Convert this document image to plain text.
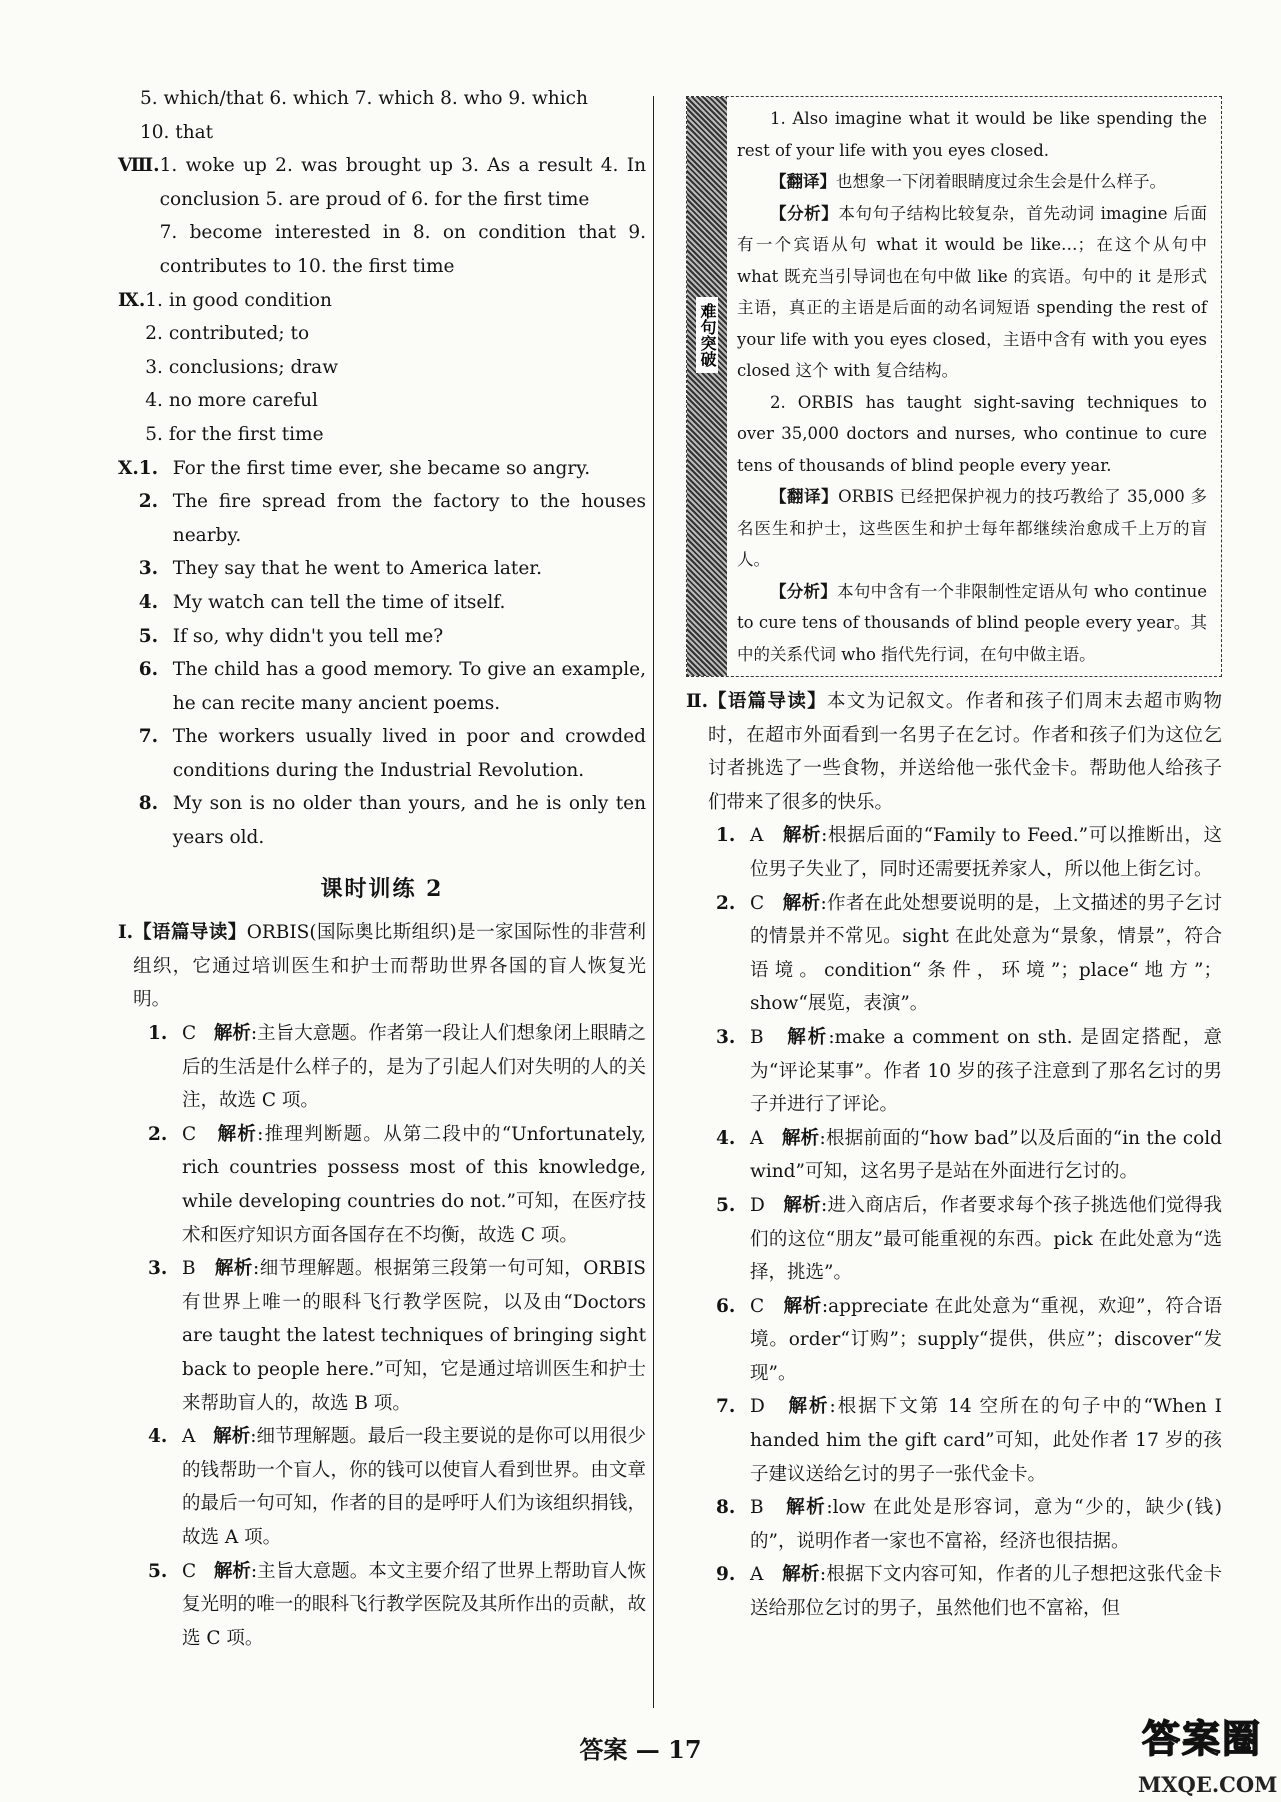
5. which/that 6. which 7. which 8. who 9. which
10. that
Ⅷ. 1. woke up 2. was brought up 3. As a result 4. In conclusion 5. are proud of 6. for the first time
7. become interested in 8. on condition that 9. contributes to 10. the first time
Ⅸ. 1. in good condition
2. contributed; to
3. conclusions; draw
4. no more careful
5. for the first time
Ⅹ. 1. For the first time ever, she became so angry.
2. The fire spread from the factory to the houses nearby.
3. They say that he went to America later.
4. My watch can tell the time of itself.
5. If so, why didn't you tell me?
6. The child has a good memory. To give an example, he can recite many ancient poems.
7. The workers usually lived in poor and crowded conditions during the Industrial Revolution.
8. My son is no older than yours, and he is only ten years old.
课时训练 2
Ⅰ. 【语篇导读】ORBIS(国际奥比斯组织)是一家国际性的非营利组织，它通过培训医生和护士而帮助世界各国的盲人恢复光明。
1. C 解析:主旨大意题。作者第一段让人们想象闭上眼睛之后的生活是什么样子的，是为了引起人们对失明的人的关注，故选 C 项。
2. C 解析:推理判断题。从第二段中的“Unfortunately, rich countries possess most of this knowledge, while developing countries do not.”可知，在医疗技术和医疗知识方面各国存在不均衡，故选 C 项。
3. B 解析:细节理解题。根据第三段第一句可知，ORBIS 有世界上唯一的眼科飞行教学医院，以及由“Doctors are taught the latest techniques of bringing sight back to people here.”可知，它是通过培训医生和护士来帮助盲人的，故选 B 项。
4. A 解析:细节理解题。最后一段主要说的是你可以用很少的钱帮助一个盲人，你的钱可以使盲人看到世界。由文章的最后一句可知，作者的目的是呼吁人们为该组织捐钱，故选 A 项。
5. C 解析:主旨大意题。本文主要介绍了世界上帮助盲人恢复光明的唯一的眼科飞行教学医院及其所作出的贡献，故选 C 项。
难句突破

1. Also imagine what it would be like spending the rest of your life with you eyes closed.

【翻译】也想象一下闭着眼睛度过余生会是什么样子。

【分析】本句句子结构比较复杂，首先动词 imagine 后面有一个宾语从句 what it would be like…；在这个从句中 what 既充当引导词也在句中做 like 的宾语。句中的 it 是形式主语，真正的主语是后面的动名词短语 spending the rest of your life with you eyes closed，主语中含有 with you eyes closed 这个 with 复合结构。

2. ORBIS has taught sight-saving techniques to over 35,000 doctors and nurses, who continue to cure tens of thousands of blind people every year.

【翻译】ORBIS 已经把保护视力的技巧教给了 35,000 多名医生和护士，这些医生和护士每年都继续治愈成千上万的盲人。

【分析】本句中含有一个非限制性定语从句 who continue to cure tens of thousands of blind people every year。其中的关系代词 who 指代先行词，在句中做主语。

Ⅱ. 【语篇导读】本文为记叙文。作者和孩子们周末去超市购物时，在超市外面看到一名男子在乞讨。作者和孩子们为这位乞讨者挑选了一些食物，并送给他一张代金卡。帮助他人给孩子们带来了很多的快乐。
1. A 解析:根据后面的“Family to Feed.”可以推断出，这位男子失业了，同时还需要抚养家人，所以他上街乞讨。
2. C 解析:作者在此处想要说明的是，上文描述的男子乞讨的情景并不常见。sight 在此处意为“景象，情景”，符合语境。condition“条件，环境”；place“地方”；show“展览，表演”。
3. B 解析:make a comment on sth. 是固定搭配，意为“评论某事”。作者 10 岁的孩子注意到了那名乞讨的男子并进行了评论。
4. A 解析:根据前面的“how bad”以及后面的“in the cold wind”可知，这名男子是站在外面进行乞讨的。
5. D 解析:进入商店后，作者要求每个孩子挑选他们觉得我们的这位“朋友”最可能重视的东西。pick 在此处意为“选择，挑选”。
6. C 解析:appreciate 在此处意为“重视，欢迎”，符合语境。order“订购”；supply“提供，供应”；discover“发现”。
7. D 解析:根据下文第 14 空所在的句子中的“When I handed him the gift card”可知，此处作者 17 岁的孩子建议送给乞讨的男子一张代金卡。
8. B 解析:low 在此处是形容词，意为“少的，缺少(钱)的”，说明作者一家也不富裕，经济也很拮据。
9. A 解析:根据下文内容可知，作者的儿子想把这张代金卡送给那位乞讨的男子，虽然他们也不富裕，但
答案 — 17	答案圈
MXQE.COM
